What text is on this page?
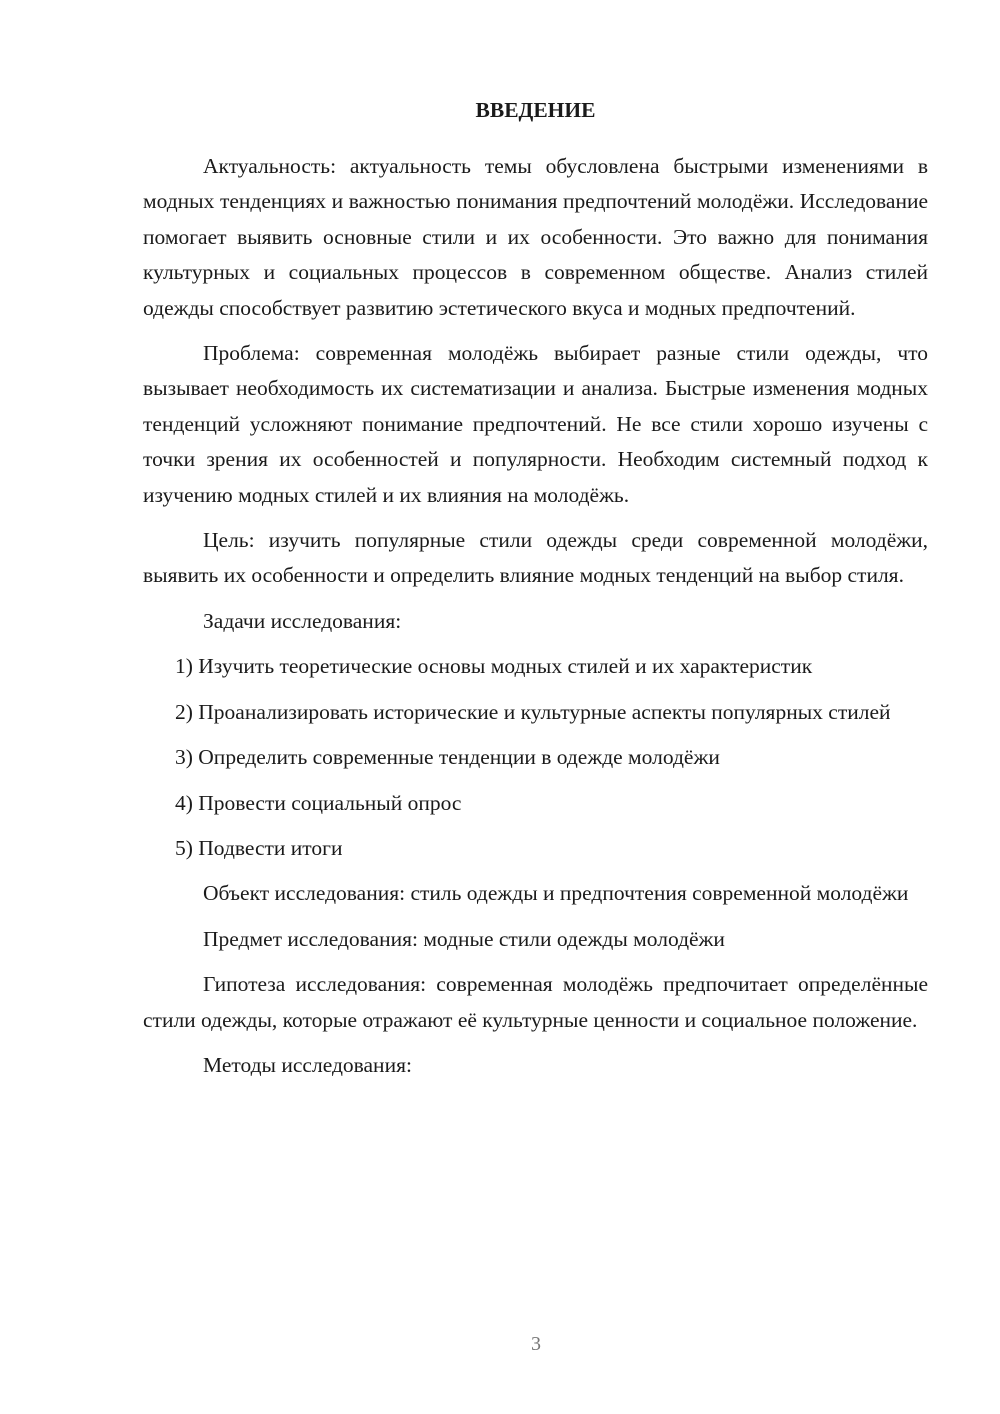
ВВЕДЕНИЕ

Актуальность: актуальность темы обусловлена быстрыми изменениями в модных тенденциях и важностью понимания предпочтений молодёжи. Исследование помогает выявить основные стили и их особенности. Это важно для понимания культурных и социальных процессов в современном обществе. Анализ стилей одежды способствует развитию эстетического вкуса и модных предпочтений.

Проблема: современная молодёжь выбирает разные стили одежды, что вызывает необходимость их систематизации и анализа. Быстрые изменения модных тенденций усложняют понимание предпочтений. Не все стили хорошо изучены с точки зрения их особенностей и популярности. Необходим системный подход к изучению модных стилей и их влияния на молодёжь.

Цель: изучить популярные стили одежды среди современной молодёжи, выявить их особенности и определить влияние модных тенденций на выбор стиля.

Задачи исследования:

1) Изучить теоретические основы модных стилей и их характеристик

2) Проанализировать исторические и культурные аспекты популярных стилей

3) Определить современные тенденции в одежде молодёжи

4) Провести социальный опрос

5) Подвести итоги

Объект исследования: стиль одежды и предпочтения современной молодёжи

Предмет исследования: модные стили одежды молодёжи

Гипотеза исследования: современная молодёжь предпочитает определённые стили одежды, которые отражают её культурные ценности и социальное положение.

Методы исследования:

3
